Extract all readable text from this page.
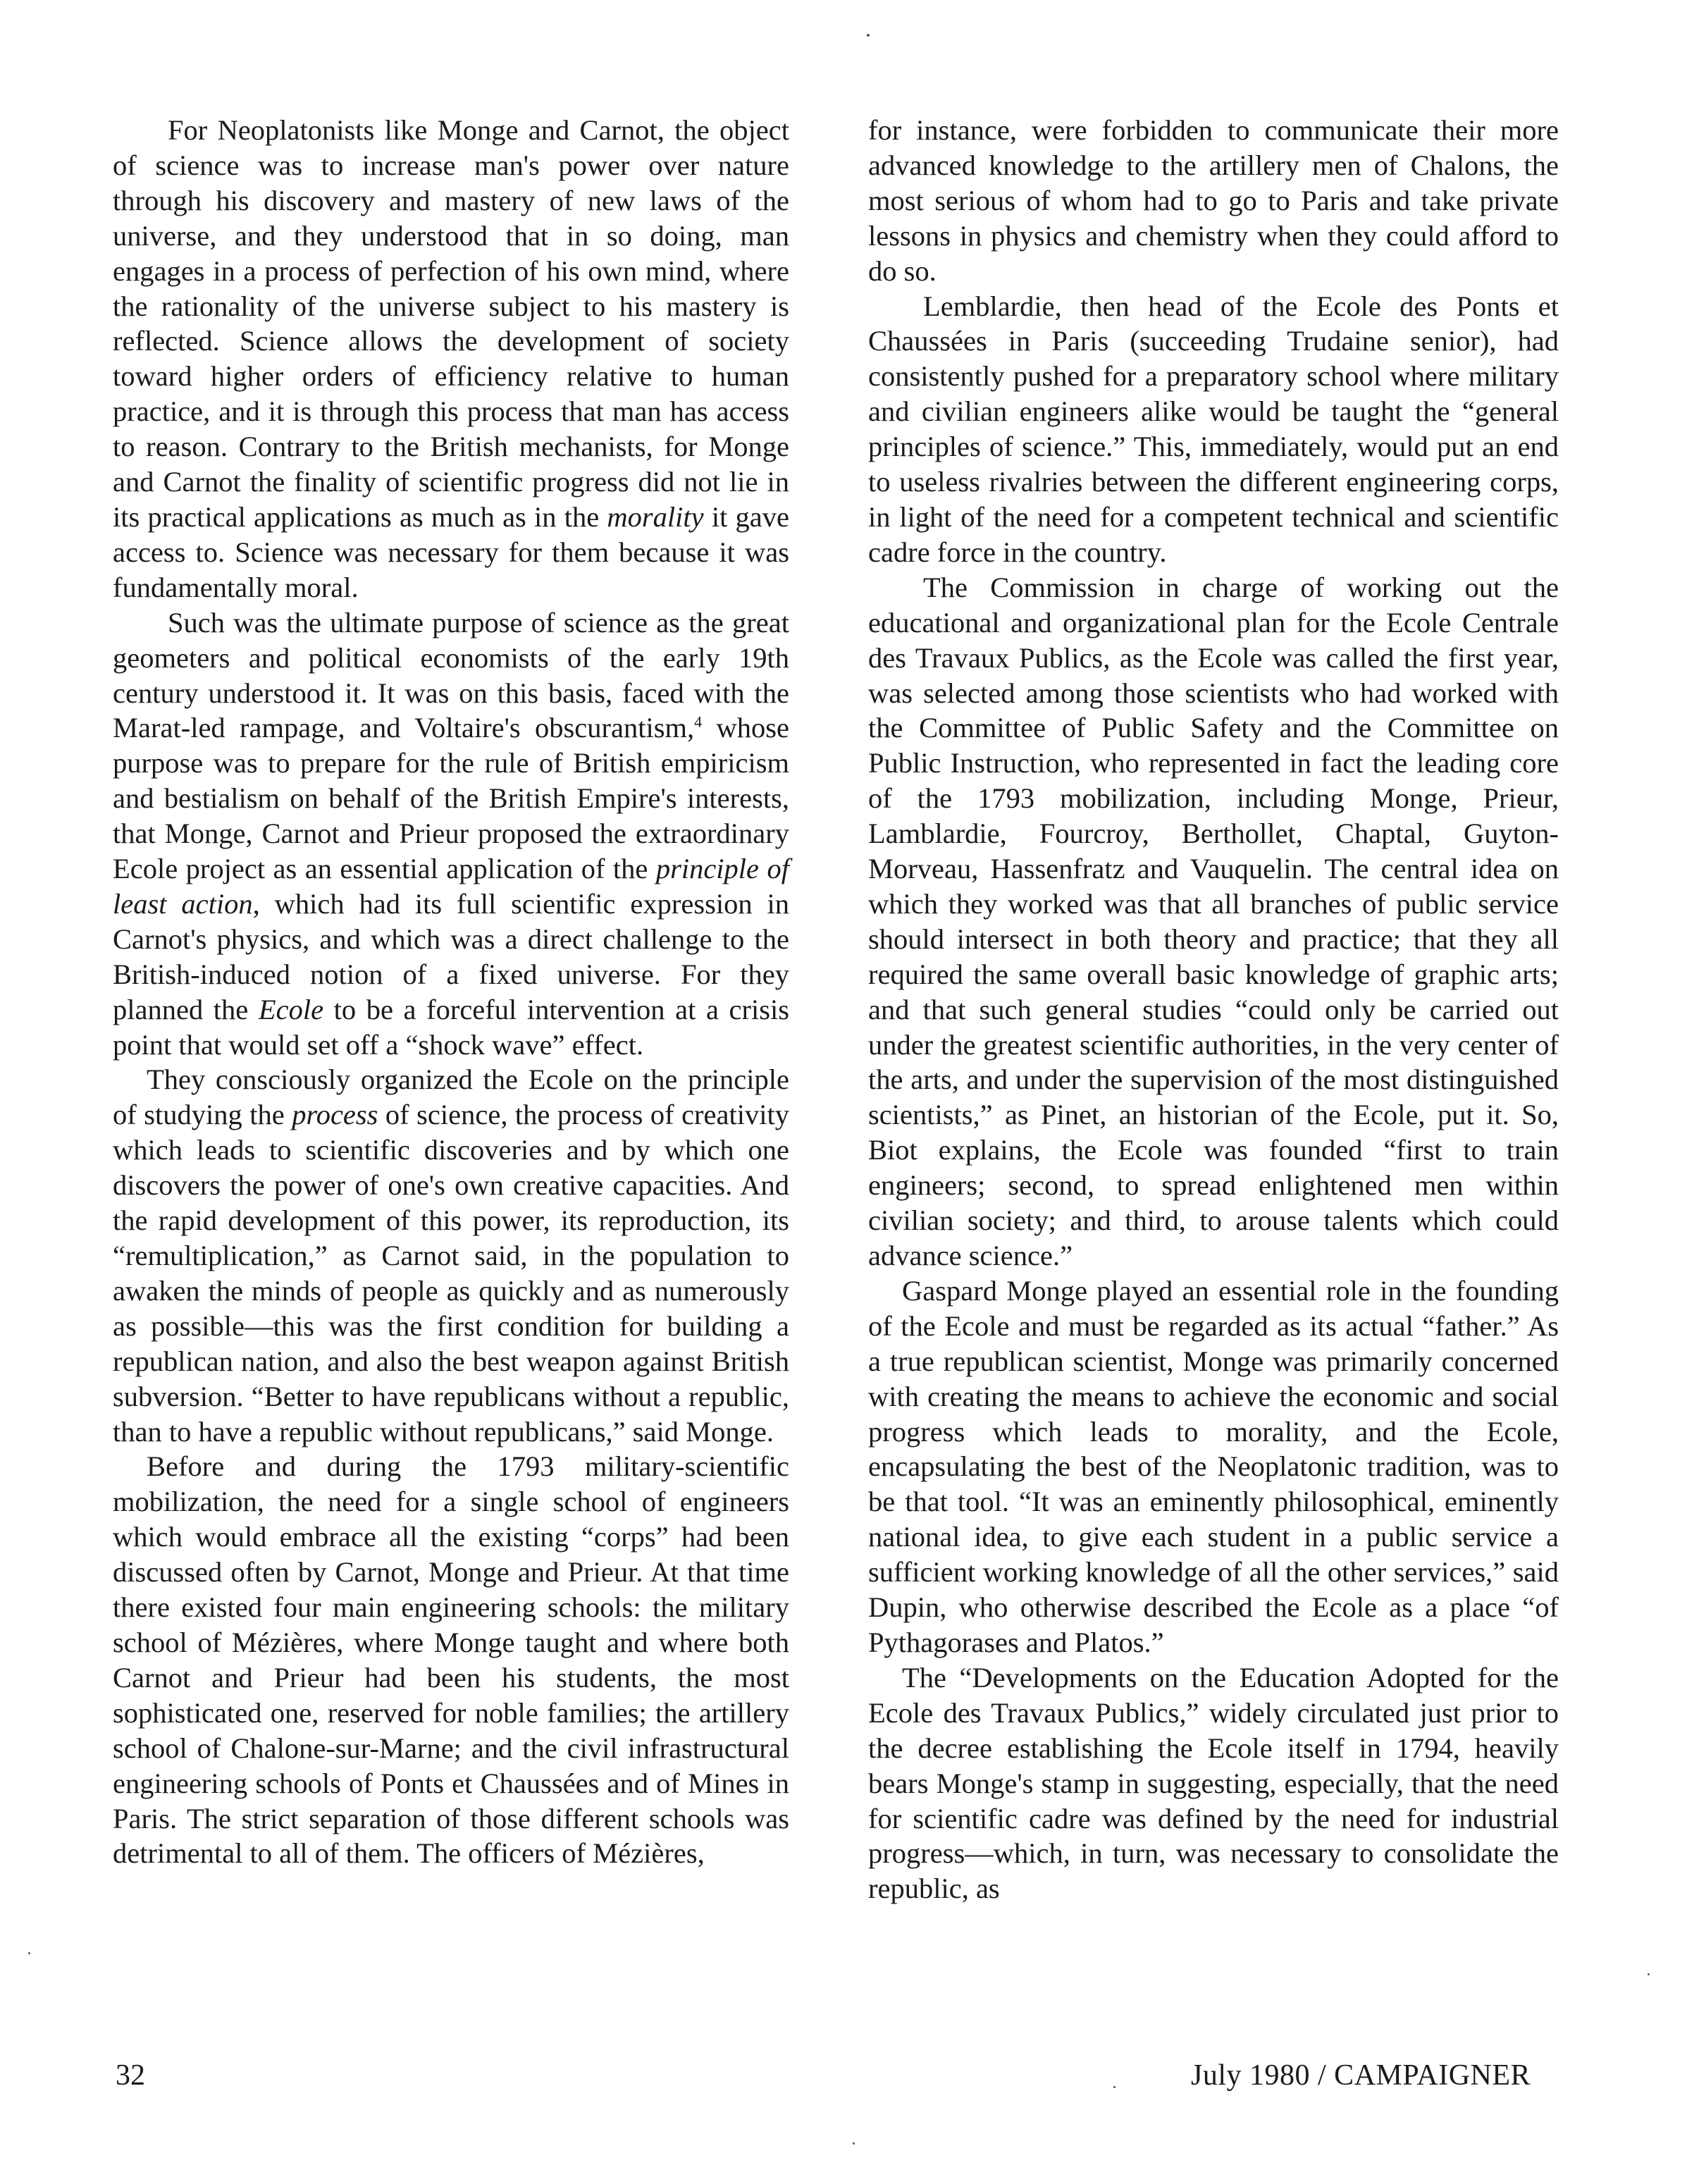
For Neoplatonists like Monge and Carnot, the object of science was to increase man's power over nature through his discovery and mastery of new laws of the universe, and they understood that in so doing, man engages in a process of perfection of his own mind, where the rationality of the universe subject to his mastery is reflected. Science allows the development of society toward higher orders of efficiency relative to human practice, and it is through this process that man has access to reason. Contrary to the British mechanists, for Monge and Carnot the finality of scientific progress did not lie in its practical applications as much as in the morality it gave access to. Science was necessary for them because it was fundamentally moral.

Such was the ultimate purpose of science as the great geometers and political economists of the early 19th century understood it. It was on this basis, faced with the Marat-led rampage, and Voltaire's obscurantism,$^4$ whose purpose was to prepare for the rule of British empiricism and bestialism on behalf of the British Empire's interests, that Monge, Carnot and Prieur proposed the extraordinary Ecole project as an essential application of the principle of least action, which had its full scientific expression in Carnot's physics, and which was a direct challenge to the British-induced notion of a fixed universe. For they planned the Ecole to be a forceful intervention at a crisis point that would set off a “shock wave” effect.

They consciously organized the Ecole on the principle of studying the process of science, the process of creativity which leads to scientific discoveries and by which one discovers the power of one's own creative capacities. And the rapid development of this power, its reproduction, its “remultiplication,” as Carnot said, in the population to awaken the minds of people as quickly and as numerously as possible—this was the first condition for building a republican nation, and also the best weapon against British subversion. “Better to have republicans without a republic, than to have a republic without republicans,” said Monge.

Before and during the 1793 military-scientific mobilization, the need for a single school of engineers which would embrace all the existing “corps” had been discussed often by Carnot, Monge and Prieur. At that time there existed four main engineering schools: the military school of Mézières, where Monge taught and where both Carnot and Prieur had been his students, the most sophisticated one, reserved for noble families; the artillery school of Chalone-sur-Marne; and the civil infrastructural engineering schools of Ponts et Chaussées and of Mines in Paris. The strict separation of those different schools was detrimental to all of them. The officers of Mézières,

for instance, were forbidden to communicate their more advanced knowledge to the artillery men of Chalons, the most serious of whom had to go to Paris and take private lessons in physics and chemistry when they could afford to do so.

Lemblardie, then head of the Ecole des Ponts et Chaussées in Paris (succeeding Trudaine senior), had consistently pushed for a preparatory school where military and civilian engineers alike would be taught the “general principles of science.” This, immediately, would put an end to useless rivalries between the different engineering corps, in light of the need for a competent technical and scientific cadre force in the country.

The Commission in charge of working out the educational and organizational plan for the Ecole Centrale des Travaux Publics, as the Ecole was called the first year, was selected among those scientists who had worked with the Committee of Public Safety and the Committee on Public Instruction, who represented in fact the leading core of the 1793 mobilization, including Monge, Prieur, Lamblardie, Fourcroy, Berthollet, Chaptal, Guyton-Morveau, Hassenfratz and Vauquelin. The central idea on which they worked was that all branches of public service should intersect in both theory and practice; that they all required the same overall basic knowledge of graphic arts; and that such general studies “could only be carried out under the greatest scientific authorities, in the very center of the arts, and under the supervision of the most distinguished scientists,” as Pinet, an historian of the Ecole, put it. So, Biot explains, the Ecole was founded “first to train engineers; second, to spread enlightened men within civilian society; and third, to arouse talents which could advance science.”

Gaspard Monge played an essential role in the founding of the Ecole and must be regarded as its actual “father.” As a true republican scientist, Monge was primarily concerned with creating the means to achieve the economic and social progress which leads to morality, and the Ecole, encapsulating the best of the Neoplatonic tradition, was to be that tool. “It was an eminently philosophical, eminently national idea, to give each student in a public service a sufficient working knowledge of all the other services,” said Dupin, who otherwise described the Ecole as a place “of Pythagorases and Platos.”

The “Developments on the Education Adopted for the Ecole des Travaux Publics,” widely circulated just prior to the decree establishing the Ecole itself in 1794, heavily bears Monge's stamp in suggesting, especially, that the need for scientific cadre was defined by the need for industrial progress—which, in turn, was necessary to consolidate the republic, as

32	July 1980 / CAMPAIGNER
